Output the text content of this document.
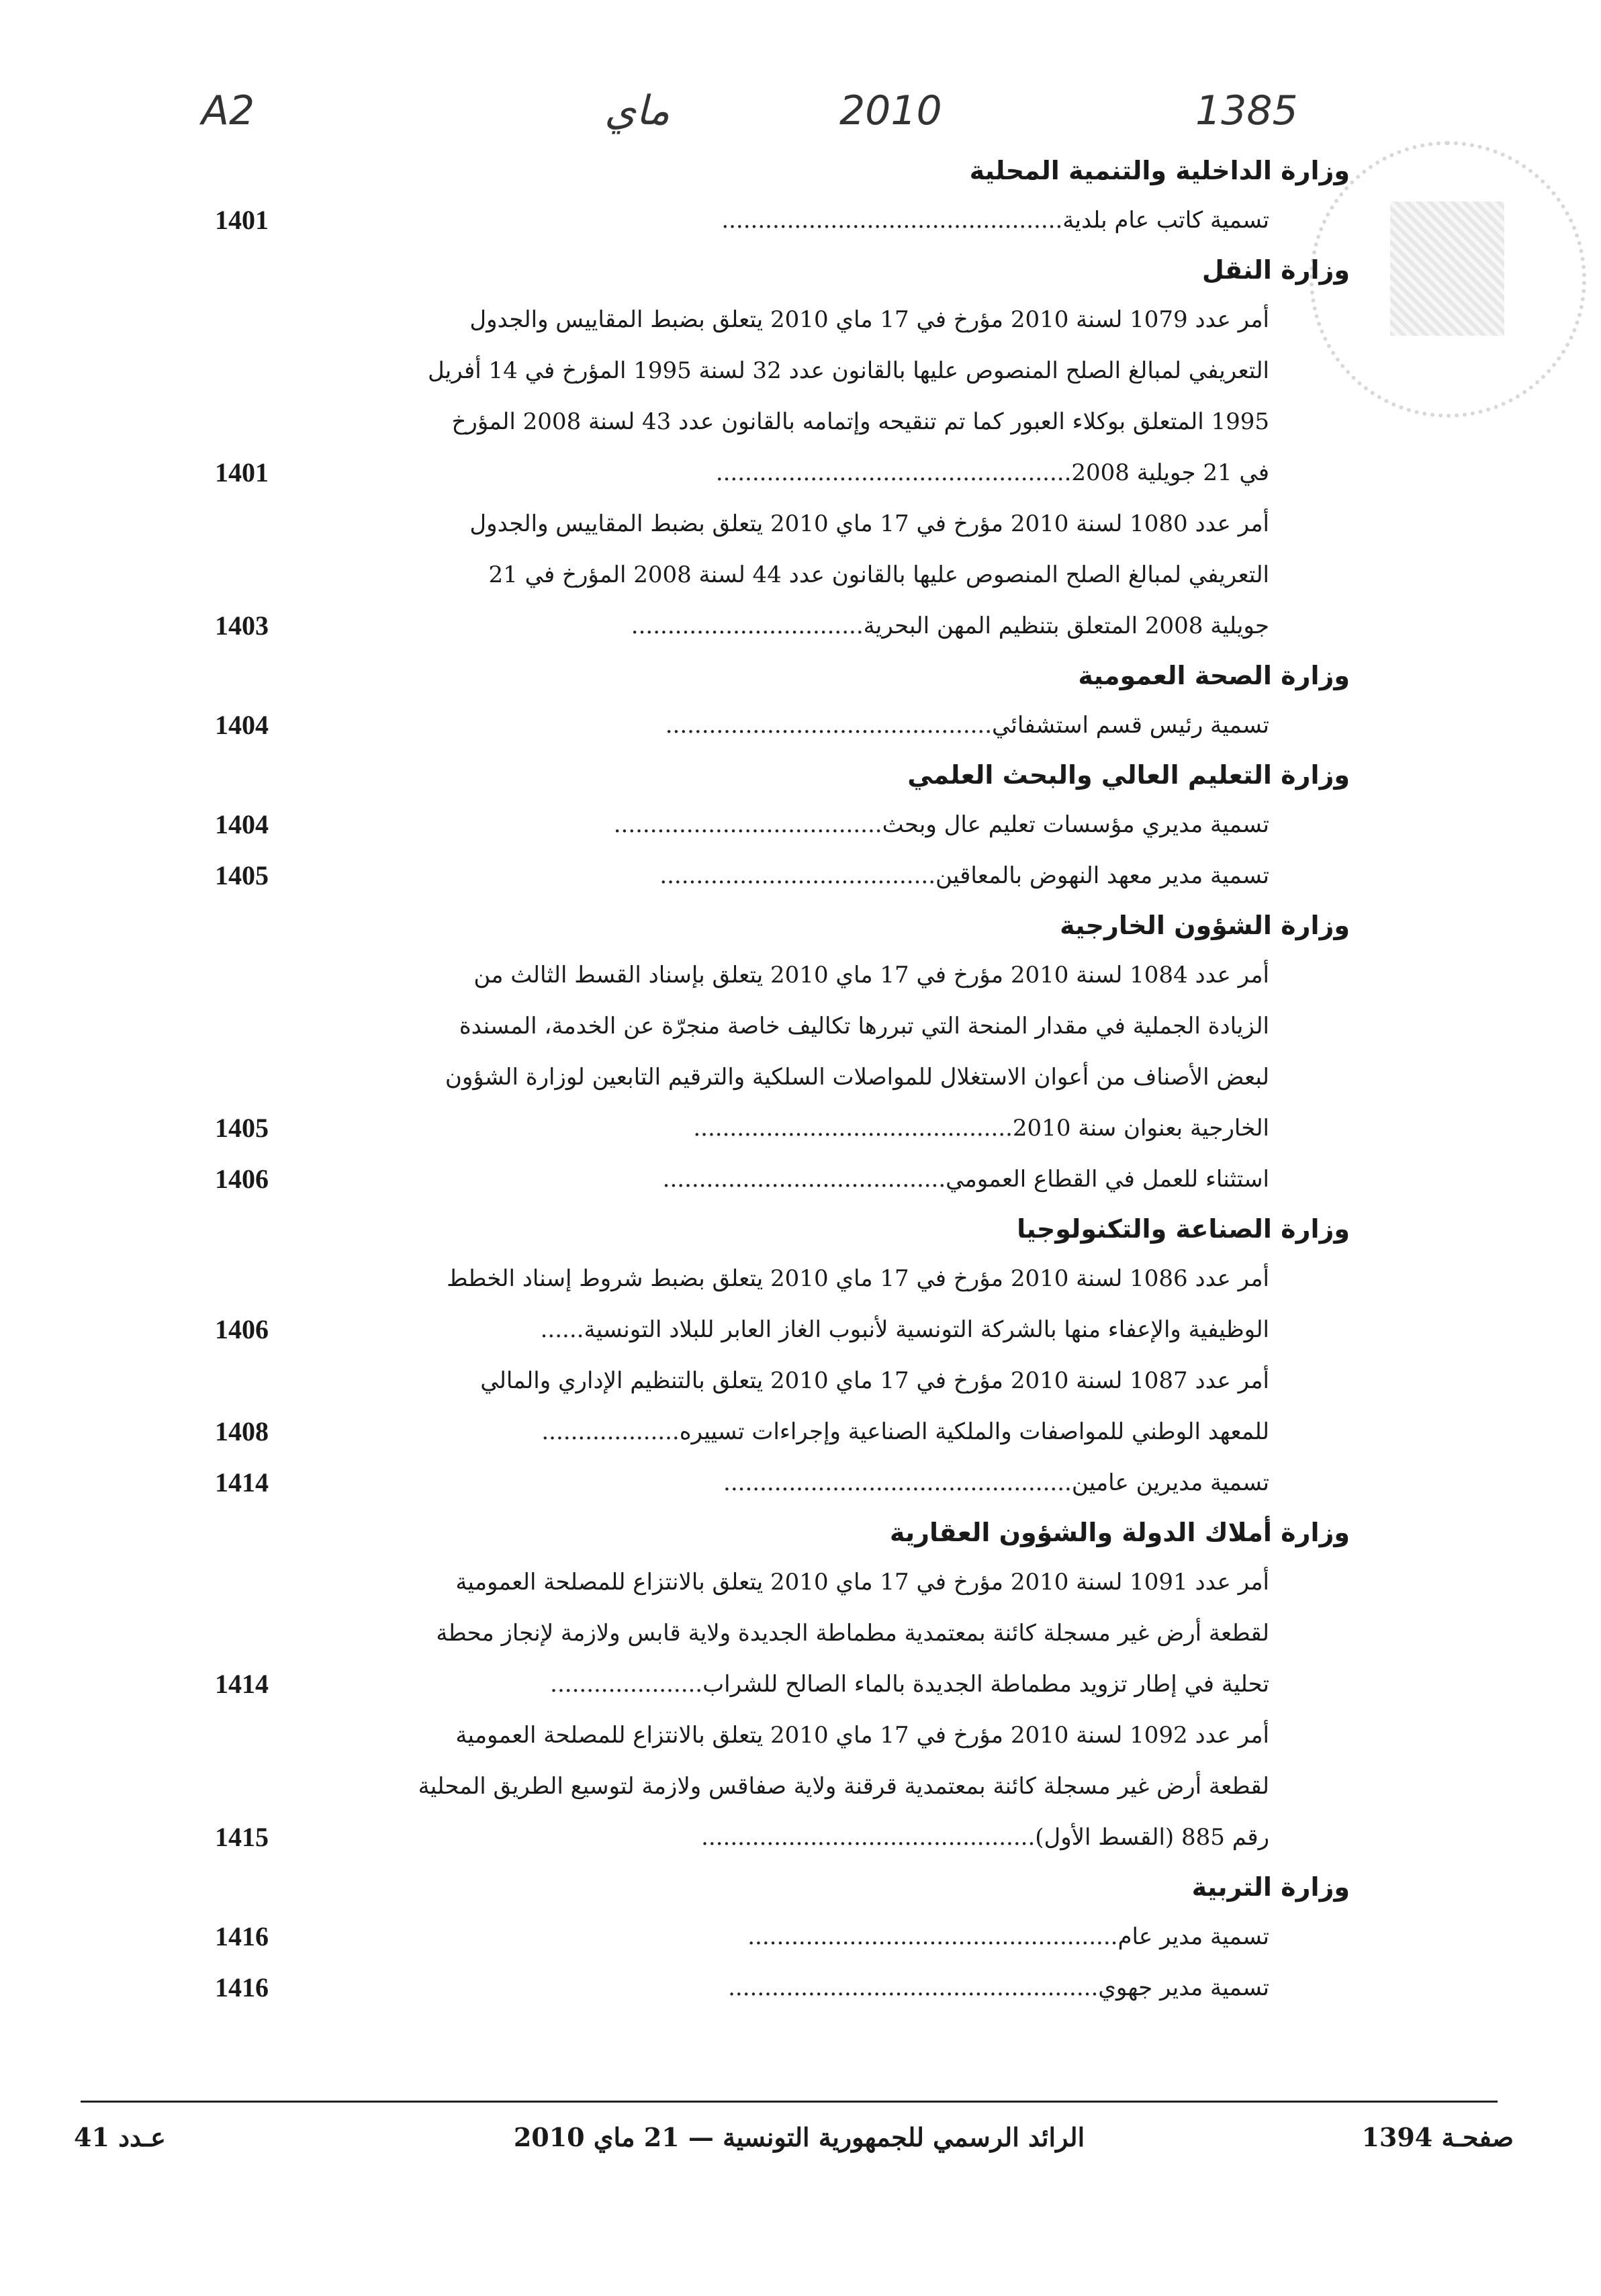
A2	ماي	2010	1385
وزارة الداخلية والتنمية المحلية
تسمية كاتب عام بلدية...............................................
1401
وزارة النقل
أمر عدد 1079 لسنة 2010 مؤرخ في 17 ماي 2010 يتعلق بضبط المقاييس والجدول
التعريفي لمبالغ الصلح المنصوص عليها بالقانون عدد 32 لسنة 1995 المؤرخ في 14 أفريل
1995 المتعلق بوكلاء العبور كما تم تنقيحه وإتمامه بالقانون عدد 43 لسنة 2008 المؤرخ
في 21 جويلية 2008.................................................
1401
أمر عدد 1080 لسنة 2010 مؤرخ في 17 ماي 2010 يتعلق بضبط المقاييس والجدول
التعريفي لمبالغ الصلح المنصوص عليها بالقانون عدد 44 لسنة 2008 المؤرخ في 21
جويلية 2008 المتعلق بتنظيم المهن البحرية................................
1403
وزارة الصحة العمومية
تسمية رئيس قسم استشفائي.............................................
1404
وزارة التعليم العالي والبحث العلمي
تسمية مديري مؤسسات تعليم عال وبحث.....................................
1404
تسمية مدير معهد النهوض بالمعاقين......................................
1405
وزارة الشؤون الخارجية
أمر عدد 1084 لسنة 2010 مؤرخ في 17 ماي 2010 يتعلق بإسناد القسط الثالث من
الزيادة الجملية في مقدار المنحة التي تبررها تكاليف خاصة منجرّة عن الخدمة، المسندة
لبعض الأصناف من أعوان الاستغلال للمواصلات السلكية والترقيم التابعين لوزارة الشؤون
الخارجية بعنوان سنة 2010............................................
1405
استثناء للعمل في القطاع العمومي.......................................
1406
وزارة الصناعة والتكنولوجيا
أمر عدد 1086 لسنة 2010 مؤرخ في 17 ماي 2010 يتعلق بضبط شروط إسناد الخطط
الوظيفية والإعفاء منها بالشركة التونسية لأنبوب الغاز العابر للبلاد التونسية......
1406
أمر عدد 1087 لسنة 2010 مؤرخ في 17 ماي 2010 يتعلق بالتنظيم الإداري والمالي
للمعهد الوطني للمواصفات والملكية الصناعية وإجراءات تسييره...................
1408
تسمية مديرين عامين................................................
1414
وزارة أملاك الدولة والشؤون العقارية
أمر عدد 1091 لسنة 2010 مؤرخ في 17 ماي 2010 يتعلق بالانتزاع للمصلحة العمومية
لقطعة أرض غير مسجلة كائنة بمعتمدية مطماطة الجديدة ولاية قابس ولازمة لإنجاز محطة
تحلية في إطار تزويد مطماطة الجديدة بالماء الصالح للشراب.....................
1414
أمر عدد 1092 لسنة 2010 مؤرخ في 17 ماي 2010 يتعلق بالانتزاع للمصلحة العمومية
لقطعة أرض غير مسجلة كائنة بمعتمدية قرقنة ولاية صفاقس ولازمة لتوسيع الطريق المحلية
رقم 885 (القسط الأول)..............................................
1415
وزارة التربية
تسمية مدير عام...................................................
1416
تسمية مدير جهوي...................................................
1416
صفحـة 1394
الرائد الرسمي للجمهورية التونسية — 21 ماي 2010
عـدد 41
